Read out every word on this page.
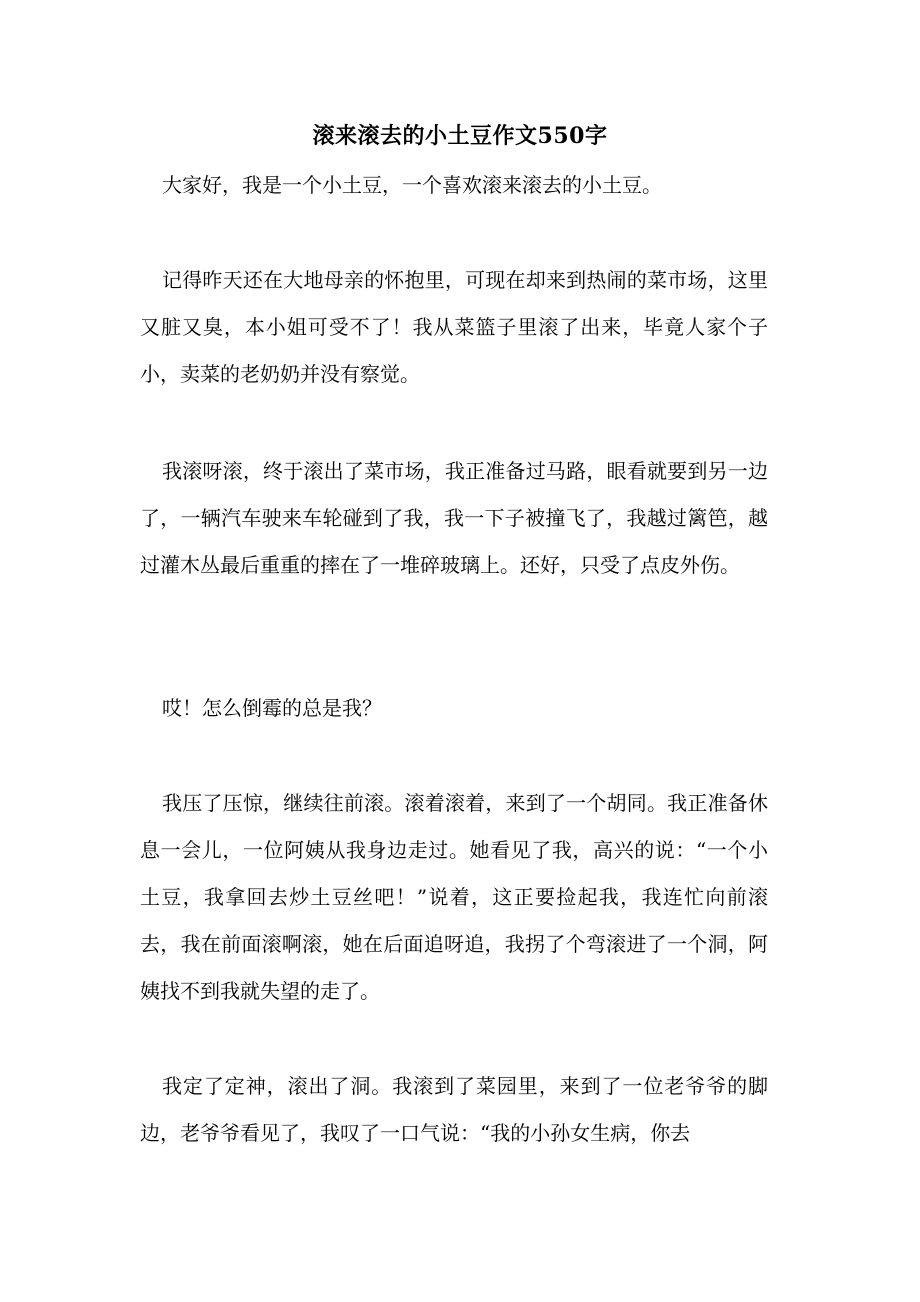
滚来滚去的小土豆作文550字

大家好，我是一个小土豆，一个喜欢滚来滚去的小土豆。

记得昨天还在大地母亲的怀抱里，可现在却来到热闹的菜市场，这里又脏又臭，本小姐可受不了！我从菜篮子里滚了出来，毕竟人家个子小，卖菜的老奶奶并没有察觉。

我滚呀滚，终于滚出了菜市场，我正准备过马路，眼看就要到另一边了，一辆汽车驶来车轮碰到了我，我一下子被撞飞了，我越过篱笆，越过灌木丛最后重重的摔在了一堆碎玻璃上。还好，只受了点皮外伤。

哎！怎么倒霉的总是我？

我压了压惊，继续往前滚。滚着滚着，来到了一个胡同。我正准备休息一会儿，一位阿姨从我身边走过。她看见了我，高兴的说：“一个小土豆，我拿回去炒土豆丝吧！”说着，这正要捡起我，我连忙向前滚去，我在前面滚啊滚，她在后面追呀追，我拐了个弯滚进了一个洞，阿姨找不到我就失望的走了。

我定了定神，滚出了洞。我滚到了菜园里，来到了一位老爷爷的脚边，老爷爷看见了，我叹了一口气说：“我的小孙女生病，你去
